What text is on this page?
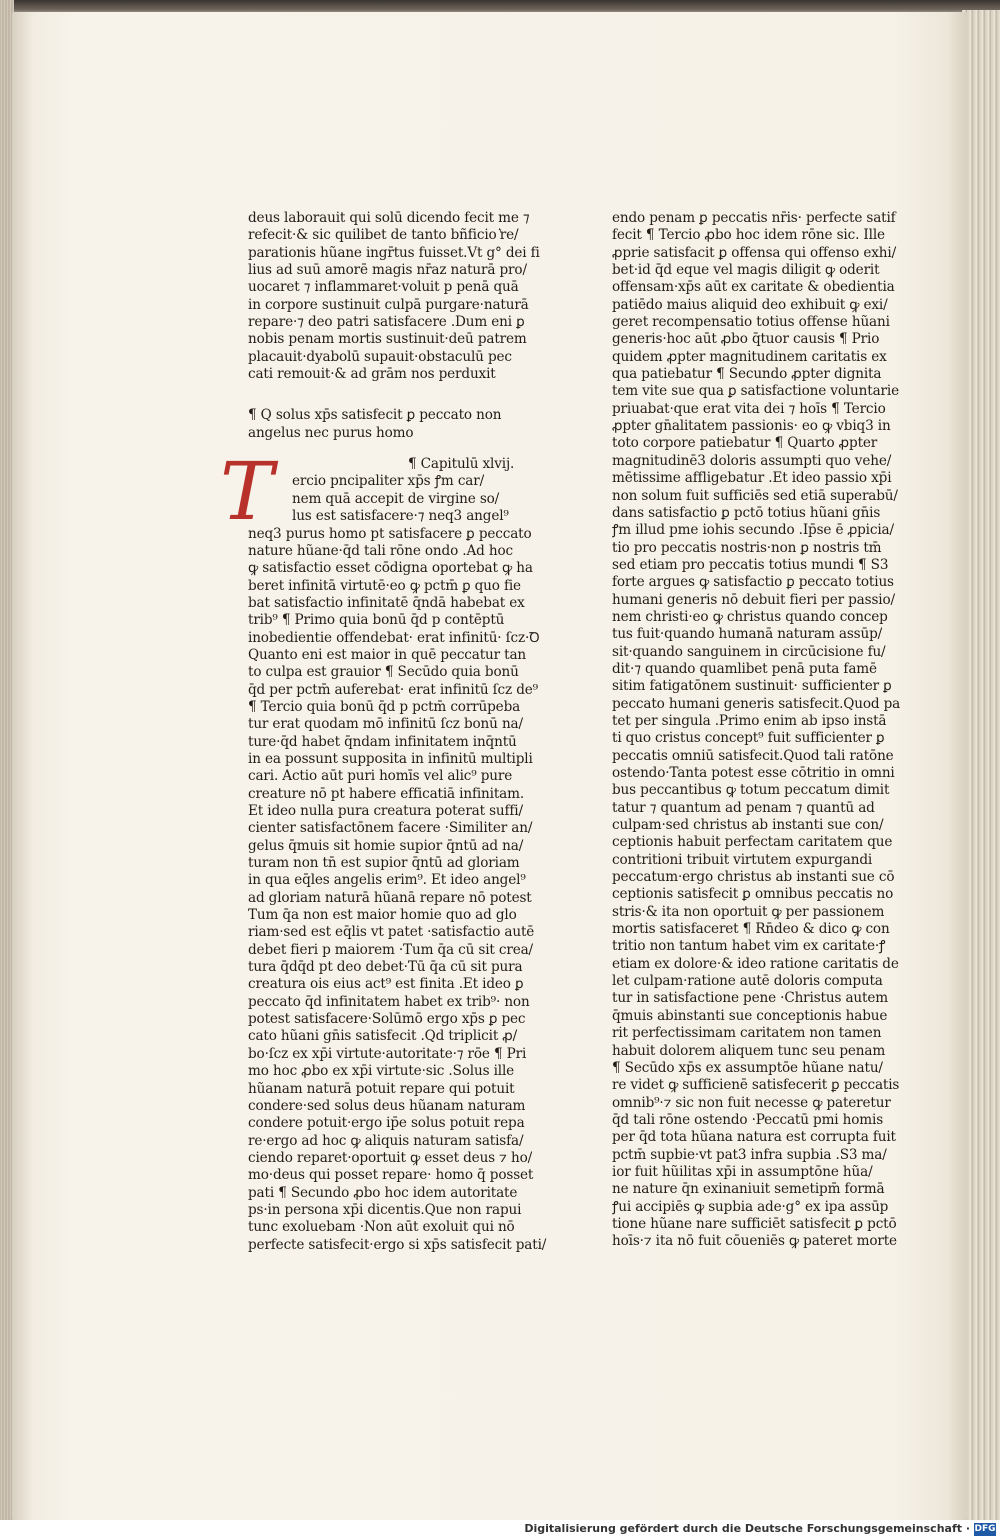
T
deus laborauit qui solū dicendo fecit me ⁊
refecit·& sic quilibet de tanto bñficio ͛re/
parationis hũane ingr̄tus fuisset.Vt g° dei fi
lius ad suū amorē magis nr̄az naturā pro/
uocaret ⁊ inflammaret·voluit p penā quā
in corpore sustinuit culpā purgare·naturā
repare·⁊ deo patri satisfacere .Dum eni ꝑ
nobis penam mortis sustinuit·deū patrem
placauit·dyabolū supauit·obstaculū pec
cati remouit·& ad grām nos perduxit
¶ Q̄ solus xp̄s satisfecit ꝑ peccato non
angelus nec purus homo
¶ Capitulū xlvij.
ercio pncipaliter xp̄s ꝭm car/
nem quā accepit de virgine so/
lus est satisfacere·⁊ neq3 angel⁹
neq3 purus homo pt̄ satisfacere ꝑ peccato
nature hũane·q̄d tali rōne ondo .Ad hoc
ꝙ satisfactio esset cōdigna oportebat ꝙ ha
beret infinitā virtutē·eo ꝙ pctm̄ ꝑ quo fie
bat satisfactio infinitatē q̄ndā habebat ex
trib⁹ ¶ Primo quia bonū q̄d p contēptū
inobedientie offendebat· erat infinitū· ſcz·Ꝺ
Quanto eni est maior in quē peccatur tan
to culpa est grauior ¶ Secūdo quia bonū
q̄d per pctm̄ auferebat· erat infinitū ſcz de⁹
¶ Tercio quia bonū q̄d p pctm̄ corrūpeba
tur erat quodam mō infinitū ſcz bonū na/
ture·q̄d habet q̄ndam infinitatem inq̄ntū
in ea possunt supposita in infinitū multipli
cari. Actio aūt puri homīs vel alic⁹ pure
creature nō pt̄ habere efficatiā infinitam.
Et ideo nulla pura creatura poterat suffi/
cienter satisfactōnem facere ·Similiter an/
gelus q̄muis sit homie supior q̄ntū ad na/
turam non tn̄ est supior q̄ntū ad gloriam
in qua eq̄les angelis erim⁹. Et ideo angel⁹
ad gloriam naturā hũanā repare nō potest
Tum q̄a non est maior homie quo ad glo
riam·sed est eq̄lis vt patet ·satisfactio autē
debet fieri p maiorem ·Tum q̄a cū sit crea/
tura q̄dq̄d pt̄ deo debet·Tū q̄a cū sit pura
creatura ois eius act⁹ est finita .Et ideo ꝑ
peccato q̄d infinitatem habet ex trib⁹· non
potest satisfacere·Solūmō ergo xp̄s ꝑ pec
cato hũani gn̄is satisfecit .Q̄d triplicit̄ ꝓ/
bo·ſcz ex xp̄i virtute·autoritate·⁊ rōe ¶ Pri
mo hoc ꝓbo ex xp̄i virtute·sic .Solus ille
hũanam naturā potuit repare qui potuit
condere·sed solus deus hũanam naturam
condere potuit·ergo ip̄e solus potuit repa
re·ergo ad hoc ꝙ aliquis naturam satisfa/
ciendo reparet·oportuit ꝙ esset deus ⁊ ho/
mo·deus qui posset repare· homo q̄ posset
pati ¶ Secundo ꝓbo hoc idem autoritate
ps·in persona xp̄i dicentis.Que non rapui
tunc exoluebam ·Non aūt exoluit qui nō
perfecte satisfecit·ergo si xp̄s satisfecit pati/
endo penam ꝑ peccatis nr̄is· perfecte satif
fecit ¶ Tercio ꝓbo hoc idem rōne sic. Ille
ꝓprie satisfacit ꝑ offensa qui offenso exhi/
bet·id q̄d eque vel magis diligit ꝙ oderit
offensam·xp̄s aūt ex caritate & obedientia
patiēdo maius aliquid deo exhibuit ꝙ exi/
geret recompensatio totius offense hũani
generis·hoc aūt ꝓbo q̄tuor causis ¶ Prio
quidem ꝓpter magnitudinem caritatis ex
qua patiebatur ¶ Secundo ꝓpter dignita
tem vite sue qua ꝑ satisfactione voluntarie
priuabat·que erat vita dei ⁊ hoīs ¶ Tercio
ꝓpter gn̄alitatem passionis· eo ꝙ vbiq3 in
toto corpore patiebatur ¶ Quarto ꝓpter
magnitudinē3 doloris assumpti quo vehe/
mētissime affligebatur .Et ideo passio xp̄i
non solum fuit sufficiēs sed etiā superabū/
dans satisfactio ꝑ pctō totius hũani gn̄is
ꝭm illud pme iohis secundo .Ip̄se ē ꝓpicia/
tio pro peccatis nostris·non ꝑ nostris tm̄
sed etiam pro peccatis totius mundi ¶ S3
forte argues ꝙ satisfactio ꝑ peccato totius
humani generis nō debuit fieri per passio/
nem christi·eo ꝙ christus quando concep
tus fuit·quando humanā naturam assūp/
sit·quando sanguinem in circūcisione fu/
dit·⁊ quando quamlibet penā puta famē
sitim fatigatōnem sustinuit· sufficienter ꝑ
peccato humani generis satisfecit.Quod pa
tet per singula .Primo enim ab ipso instā
ti quo cristus concept⁹ fuit sufficienter ꝑ
peccatis omniū satisfecit.Quod tali ratōne
ostendo·Tanta potest esse cōtritio in omni
bus peccantibus ꝙ totum peccatum dimit
tatur ⁊ quantum ad penam ⁊ quantū ad
culpam·sed christus ab instanti sue con/
ceptionis habuit perfectam caritatem que
contritioni tribuit virtutem expurgandi
peccatum·ergo christus ab instanti sue cō
ceptionis satisfecit ꝑ omnibus peccatis no
stris·& ita non oportuit ꝙ per passionem
mortis satisfaceret ¶ Rn̄deo & dico ꝙ con
tritio non tantum habet vim ex caritate·ꝭ
etiam ex dolore·& ideo ratione caritatis de
let culpam·ratione autē doloris computa
tur in satisfactione pene ·Christus autem
q̄muis abinstanti sue conceptionis habue
rit perfectissimam caritatem non tamen
habuit dolorem aliquem tunc seu penam
¶ Secūdo xp̄s ex assumptōe hũane natu/
re videt̄ ꝙ sufficienē satisfecerit ꝑ peccatis
omnib⁹·⁊ sic non fuit necesse ꝙ pateretur
q̄d tali rōne ostendo ·Peccatū pmi homis
per q̄d tota hũana natura est corrupta fuit
pctm̄ supbie·vt pat3 infra supbia .S3 ma/
ior fuit hũilitas xp̄i in assumptōne hũa/
ne nature q̄n exinaniuit semetipm̄ formā
ꝭui accipiēs ꝙ supbia ade·g° ex ipa assūp
tione hũane nare sufficiēt satisfecit ꝑ pctō
hoīs·⁊ ita nō fuit cōueniēs ꝙ pateret morte
Digitalisierung gefördert durch die Deutsche Forschungsgemeinschaft · DFG
